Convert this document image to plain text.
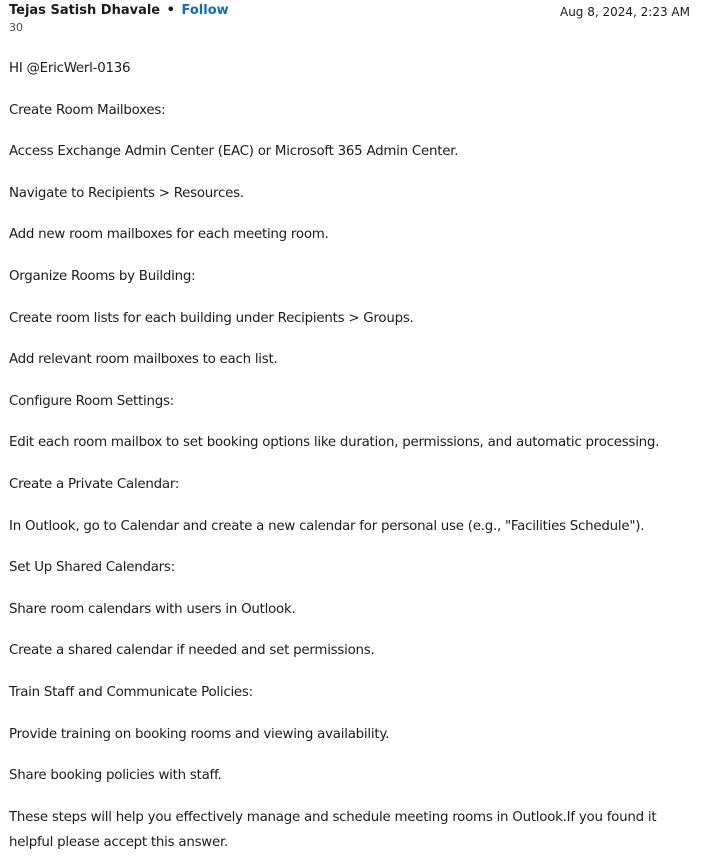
Tejas Satish Dhavale • Follow
30
Aug 8, 2024, 2:23 AM

HI @EricWerl-0136

Create Room Mailboxes:

Access Exchange Admin Center (EAC) or Microsoft 365 Admin Center.

Navigate to Recipients > Resources.

Add new room mailboxes for each meeting room.

Organize Rooms by Building:

Create room lists for each building under Recipients > Groups.

Add relevant room mailboxes to each list.

Configure Room Settings:

Edit each room mailbox to set booking options like duration, permissions, and automatic processing.

Create a Private Calendar:

In Outlook, go to Calendar and create a new calendar for personal use (e.g., "Facilities Schedule").

Set Up Shared Calendars:

Share room calendars with users in Outlook.

Create a shared calendar if needed and set permissions.

Train Staff and Communicate Policies:

Provide training on booking rooms and viewing availability.

Share booking policies with staff.

These steps will help you effectively manage and schedule meeting rooms in Outlook.If you found it helpful please accept this answer.
